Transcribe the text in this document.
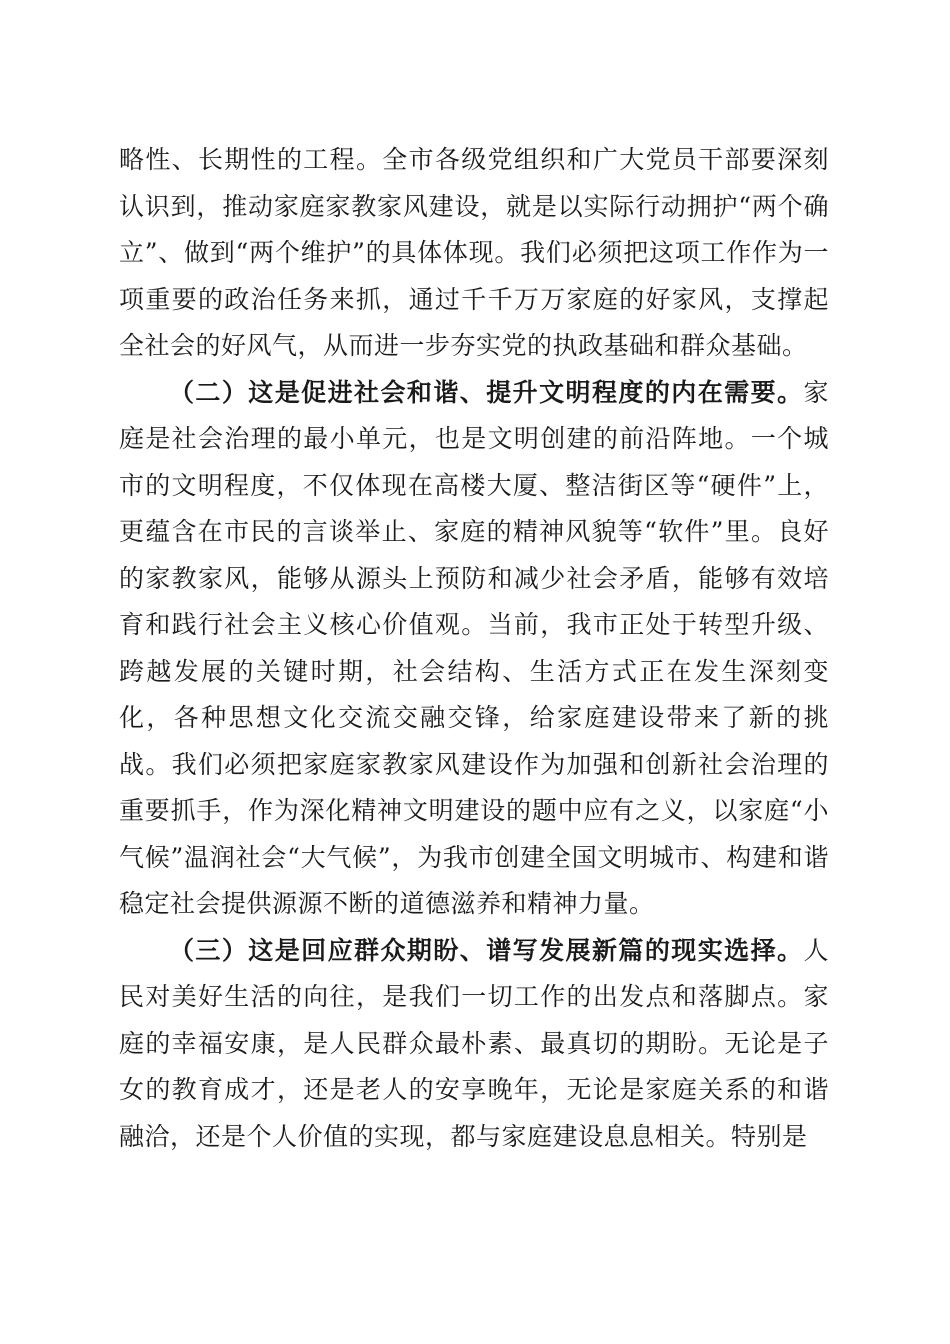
略性、长期性的工程。全市各级党组织和广大党员干部要深刻认识到，推动家庭家教家风建设，就是以实际行动拥护“两个确立”、做到“两个维护”的具体体现。我们必须把这项工作作为一项重要的政治任务来抓，通过千千万万家庭的好家风，支撑起全社会的好风气，从而进一步夯实党的执政基础和群众基础。

（二）这是促进社会和谐、提升文明程度的内在需要。家庭是社会治理的最小单元，也是文明创建的前沿阵地。一个城市的文明程度，不仅体现在高楼大厦、整洁街区等“硬件”上，更蕴含在市民的言谈举止、家庭的精神风貌等“软件”里。良好的家教家风，能够从源头上预防和减少社会矛盾，能够有效培育和践行社会主义核心价值观。当前，我市正处于转型升级、跨越发展的关键时期，社会结构、生活方式正在发生深刻变化，各种思想文化交流交融交锋，给家庭建设带来了新的挑战。我们必须把家庭家教家风建设作为加强和创新社会治理的重要抓手，作为深化精神文明建设的题中应有之义，以家庭“小气候”温润社会“大气候”，为我市创建全国文明城市、构建和谐稳定社会提供源源不断的道德滋养和精神力量。

（三）这是回应群众期盼、谱写发展新篇的现实选择。人民对美好生活的向往，是我们一切工作的出发点和落脚点。家庭的幸福安康，是人民群众最朴素、最真切的期盼。无论是子女的教育成才，还是老人的安享晚年，无论是家庭关系的和谐融洽，还是个人价值的实现，都与家庭建设息息相关。特别是
